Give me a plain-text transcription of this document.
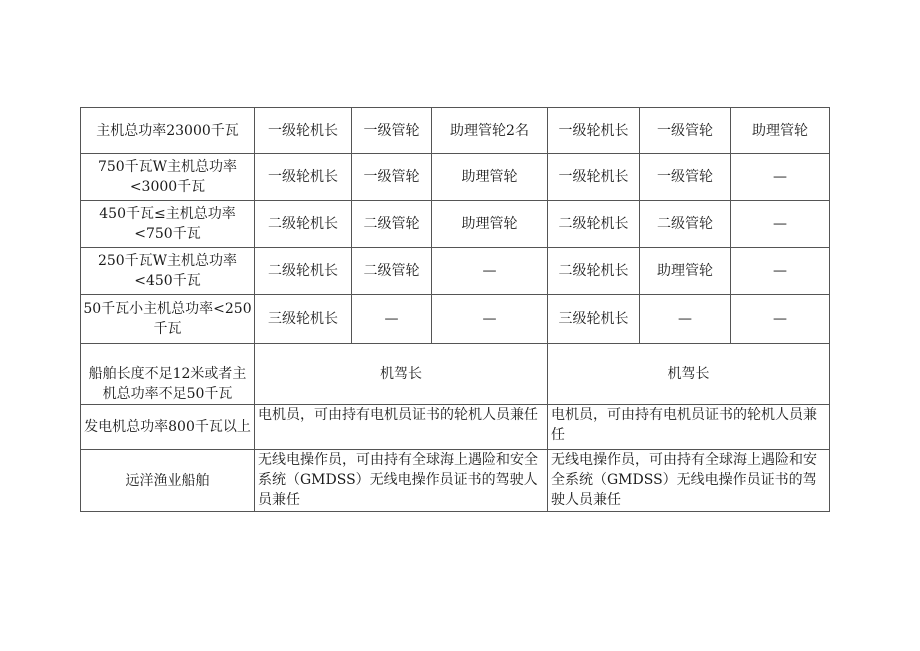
主机总功率23000千瓦	一级轮机长	一级管轮	助理管轮2名	一级轮机长	一级管轮	助理管轮
750千瓦W主机总功率<3000千瓦	一级轮机长	一级管轮	助理管轮	一级轮机长	一级管轮	—
450千瓦≤主机总功率<750千瓦	二级轮机长	二级管轮	助理管轮	二级轮机长	二级管轮	—
250千瓦W主机总功率<450千瓦	二级轮机长	二级管轮	—	二级轮机长	助理管轮	—
50千瓦小主机总功率<250千瓦	三级轮机长	—	—	三级轮机长	—	—
船舶长度不足12米或者主机总功率不足50千瓦	机驾长			机驾长		
发电机总功率800千瓦以上	电机员，可由持有电机员证书的轮机人员兼任			电机员，可由持有电机员证书的轮机人员兼任		
远洋渔业船舶	无线电操作员，可由持有全球海上遇险和安全系统（GMDSS）无线电操作员证书的驾驶人员兼任			无线电操作员，可由持有全球海上遇险和安全系统（GMDSS）无线电操作员证书的驾驶人员兼任		
